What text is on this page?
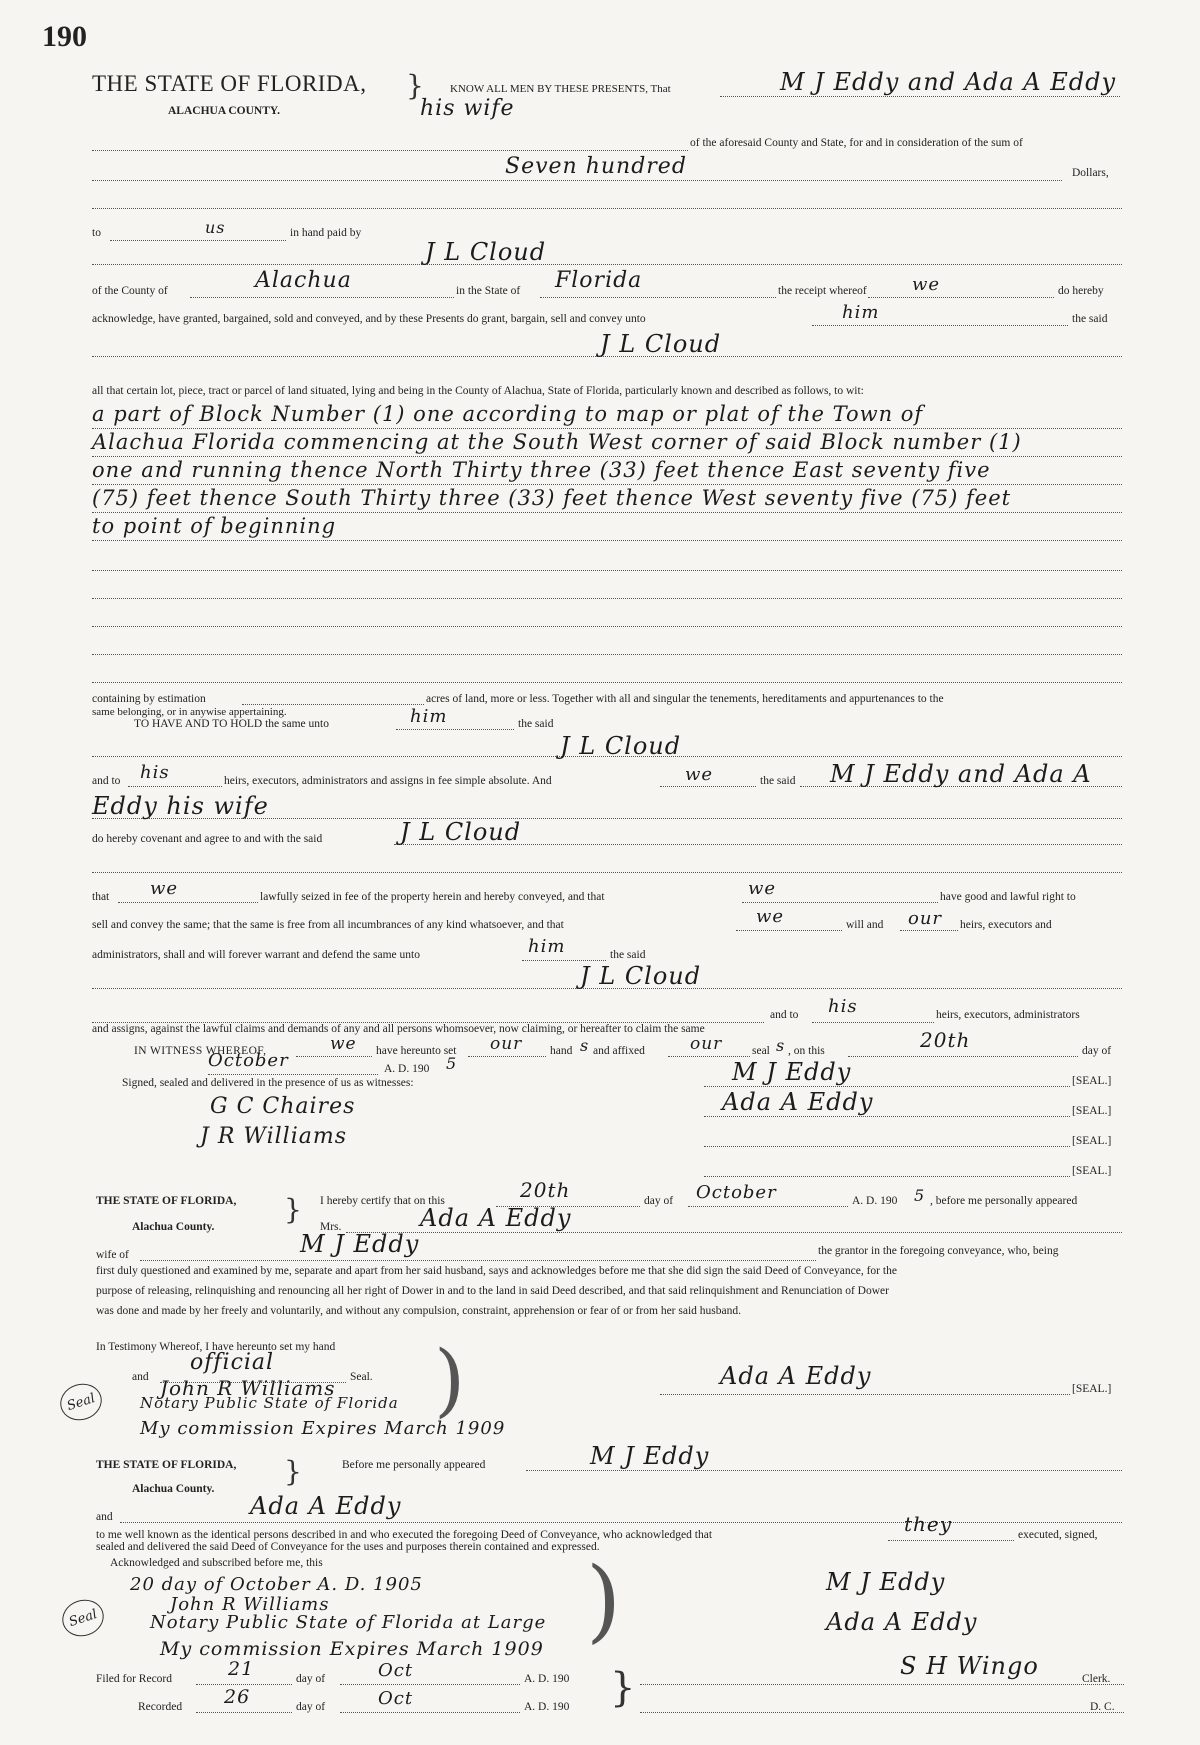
190
THE STATE OF FLORIDA,
ALACHUA COUNTY.
} KNOW ALL MEN BY THESE PRESENTS, That	M J Eddy and Ada A Eddy
his wife
of the aforesaid County and State, for and in consideration of the sum of
Seven hundred	Dollars,
to	us	in hand paid by
J L Cloud
of the County of	Alachua	in the State of Florida	the receipt whereof	we	do hereby
acknowledge, have granted, bargained, sold and conveyed, and by these Presents do grant, bargain, sell and convey unto	him	the said
J L Cloud
all that certain lot, piece, tract or parcel of land situated, lying and being in the County of Alachua, State of Florida, particularly known and described as follows, to wit:
a part of Block Number (1) one according to map or plat of the Town of
Alachua Florida commencing at the South West corner of said Block number (1)
one and running thence North Thirty three (33) feet thence East seventy five
(75) feet thence South Thirty three (33) feet thence West seventy five (75) feet
to point of beginning
containing by estimation	acres of land, more or less. Together with all and singular the tenements, hereditaments and appurtenances to the
same belonging, or in anywise appertaining.
TO HAVE AND TO HOLD the same unto	him	the said
J L Cloud
and to his	heirs, executors, administrators and assigns in fee simple absolute. And	we	the said M J Eddy and Ada A
Eddy his wife
do hereby covenant and agree to and with the said	J L Cloud
that we	lawfully seized in fee of the property herein and hereby conveyed, and that	we	have good and lawful right to
sell and convey the same; that the same is free from all incumbrances of any kind whatsoever, and that	we	will and our heirs, executors and
administrators, shall and will forever warrant and defend the same unto	him	the said
J L Cloud
and to his	heirs, executors, administrators
and assigns, against the lawful claims and demands of any and all persons whomsoever, now claiming, or hereafter to claim the same
IN WITNESS WHEREOF,	we have hereunto set our hand s and affixed	our	seal s , on this	20th	day of
October	A. D. 190 5
Signed, sealed and delivered in the presence of us as witnesses:
G C Chaires
J R Williams
M J Eddy	[SEAL.]
Ada A Eddy	[SEAL.]
[SEAL.]
[SEAL.]
THE STATE OF FLORIDA,
Alachua County.
} I hereby certify that on this	20th	day of October	A. D. 190 5 , before me personally appeared
Mrs.	Ada A Eddy
wife of	M J Eddy	the grantor in the foregoing conveyance, who, being
first duly questioned and examined by me, separate and apart from her said husband, says and acknowledges before me that she did sign the said Deed of Conveyance, for the
purpose of releasing, relinquishing and renouncing all her right of Dower in and to the land in said Deed described, and that said relinquishment and Renunciation of Dower
was done and made by her freely and voluntarily, and without any compulsion, constraint, apprehension or fear of or from her said husband.
In Testimony Whereof, I have hereunto set my hand
and
official
Seal.
Seal
John R Williams
Notary Public State of Florida
My commission Expires March 1909
)	Ada A Eddy	[SEAL.]
THE STATE OF FLORIDA,
Alachua County.
}	Before me personally appeared	M J Eddy
and	Ada A Eddy
to me well known as the identical persons described in and who executed the foregoing Deed of Conveyance, who acknowledged that	they	executed, signed,
sealed and delivered the said Deed of Conveyance for the uses and purposes therein contained and expressed.
Acknowledged and subscribed before me, this
20 day of October A. D. 1905
Seal
John R Williams
Notary Public State of Florida at Large
My commission Expires March 1909 )	M J Eddy
Ada A Eddy
Filed for Record	21	day of	Oct	A. D. 190
Recorded 26	day of	Oct	A. D. 190 }	S H Wingo	Clerk.
D. C.
